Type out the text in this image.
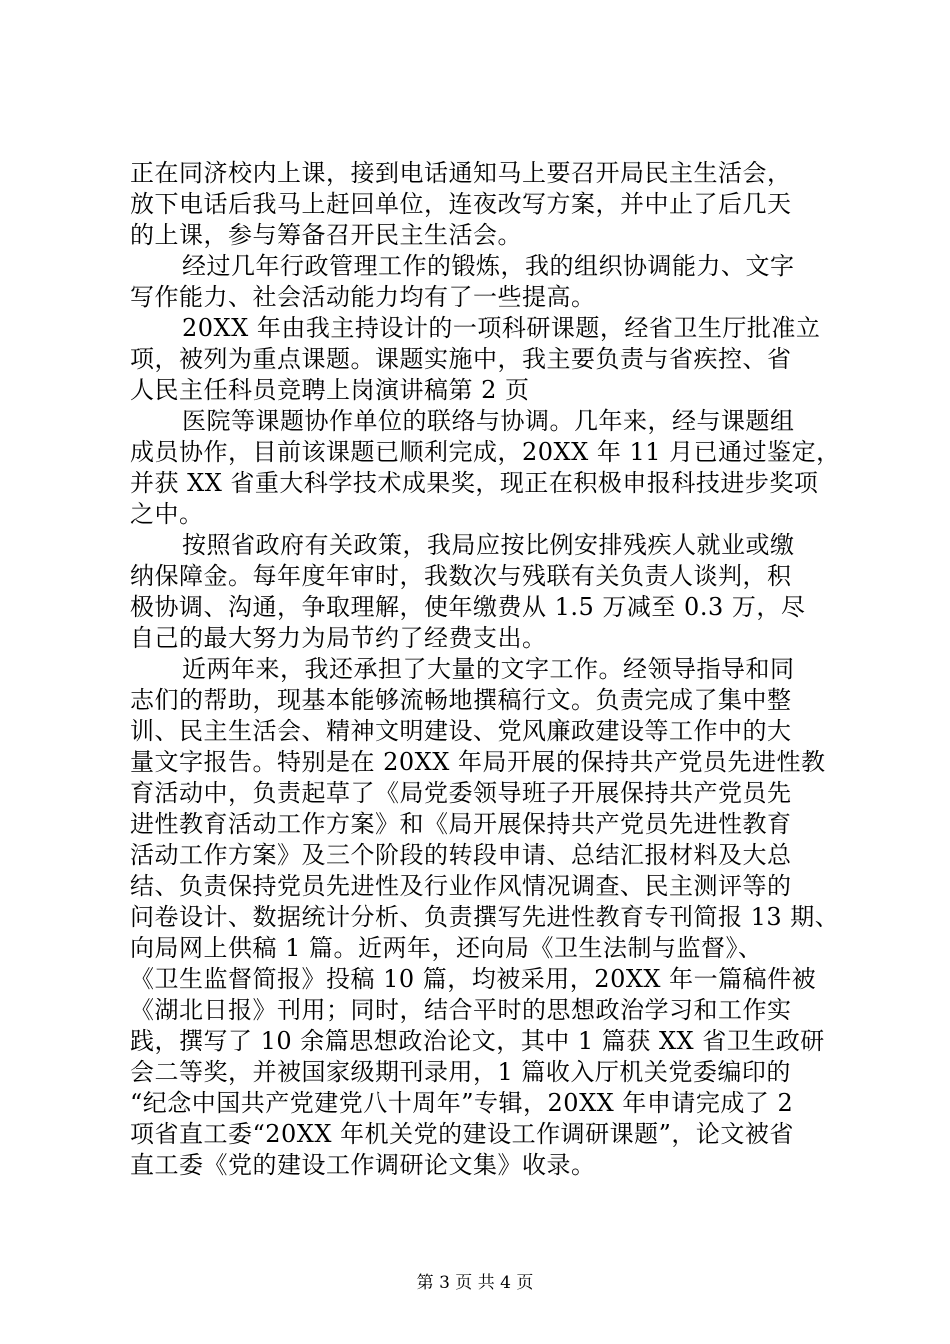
正在同济校内上课，接到电话通知马上要召开局民主生活会，
放下电话后我马上赶回单位，连夜改写方案，并中止了后几天
的上课，参与筹备召开民主生活会。
经过几年行政管理工作的锻炼，我的组织协调能力、文字
写作能力、社会活动能力均有了一些提高。
20XX 年由我主持设计的一项科研课题，经省卫生厅批准立
项，被列为重点课题。课题实施中，我主要负责与省疾控、省
人民主任科员竞聘上岗演讲稿第 2 页
医院等课题协作单位的联络与协调。几年来，经与课题组
成员协作，目前该课题已顺利完成，20XX 年 11 月已通过鉴定，
并获 XX 省重大科学技术成果奖，现正在积极申报科技进步奖项
之中。
按照省政府有关政策，我局应按比例安排残疾人就业或缴
纳保障金。每年度年审时，我数次与残联有关负责人谈判，积
极协调、沟通，争取理解，使年缴费从 1.5 万减至 0.3 万，尽
自己的最大努力为局节约了经费支出。
近两年来，我还承担了大量的文字工作。经领导指导和同
志们的帮助，现基本能够流畅地撰稿行文。负责完成了集中整
训、民主生活会、精神文明建设、党风廉政建设等工作中的大
量文字报告。特别是在 20XX 年局开展的保持共产党员先进性教
育活动中，负责起草了《局党委领导班子开展保持共产党员先
进性教育活动工作方案》和《局开展保持共产党员先进性教育
活动工作方案》及三个阶段的转段申请、总结汇报材料及大总
结、负责保持党员先进性及行业作风情况调查、民主测评等的
问卷设计、数据统计分析、负责撰写先进性教育专刊简报 13 期、
向局网上供稿 1 篇。近两年，还向局《卫生法制与监督》、
《卫生监督简报》投稿 10 篇，均被采用，20XX 年一篇稿件被
《湖北日报》刊用；同时，结合平时的思想政治学习和工作实
践，撰写了 10 余篇思想政治论文，其中 1 篇获 XX 省卫生政研
会二等奖，并被国家级期刊录用，1 篇收入厅机关党委编印的
“纪念中国共产党建党八十周年”专辑，20XX 年申请完成了 2
项省直工委“20XX 年机关党的建设工作调研课题”，论文被省
直工委《党的建设工作调研论文集》收录。
第 3 页 共 4 页
